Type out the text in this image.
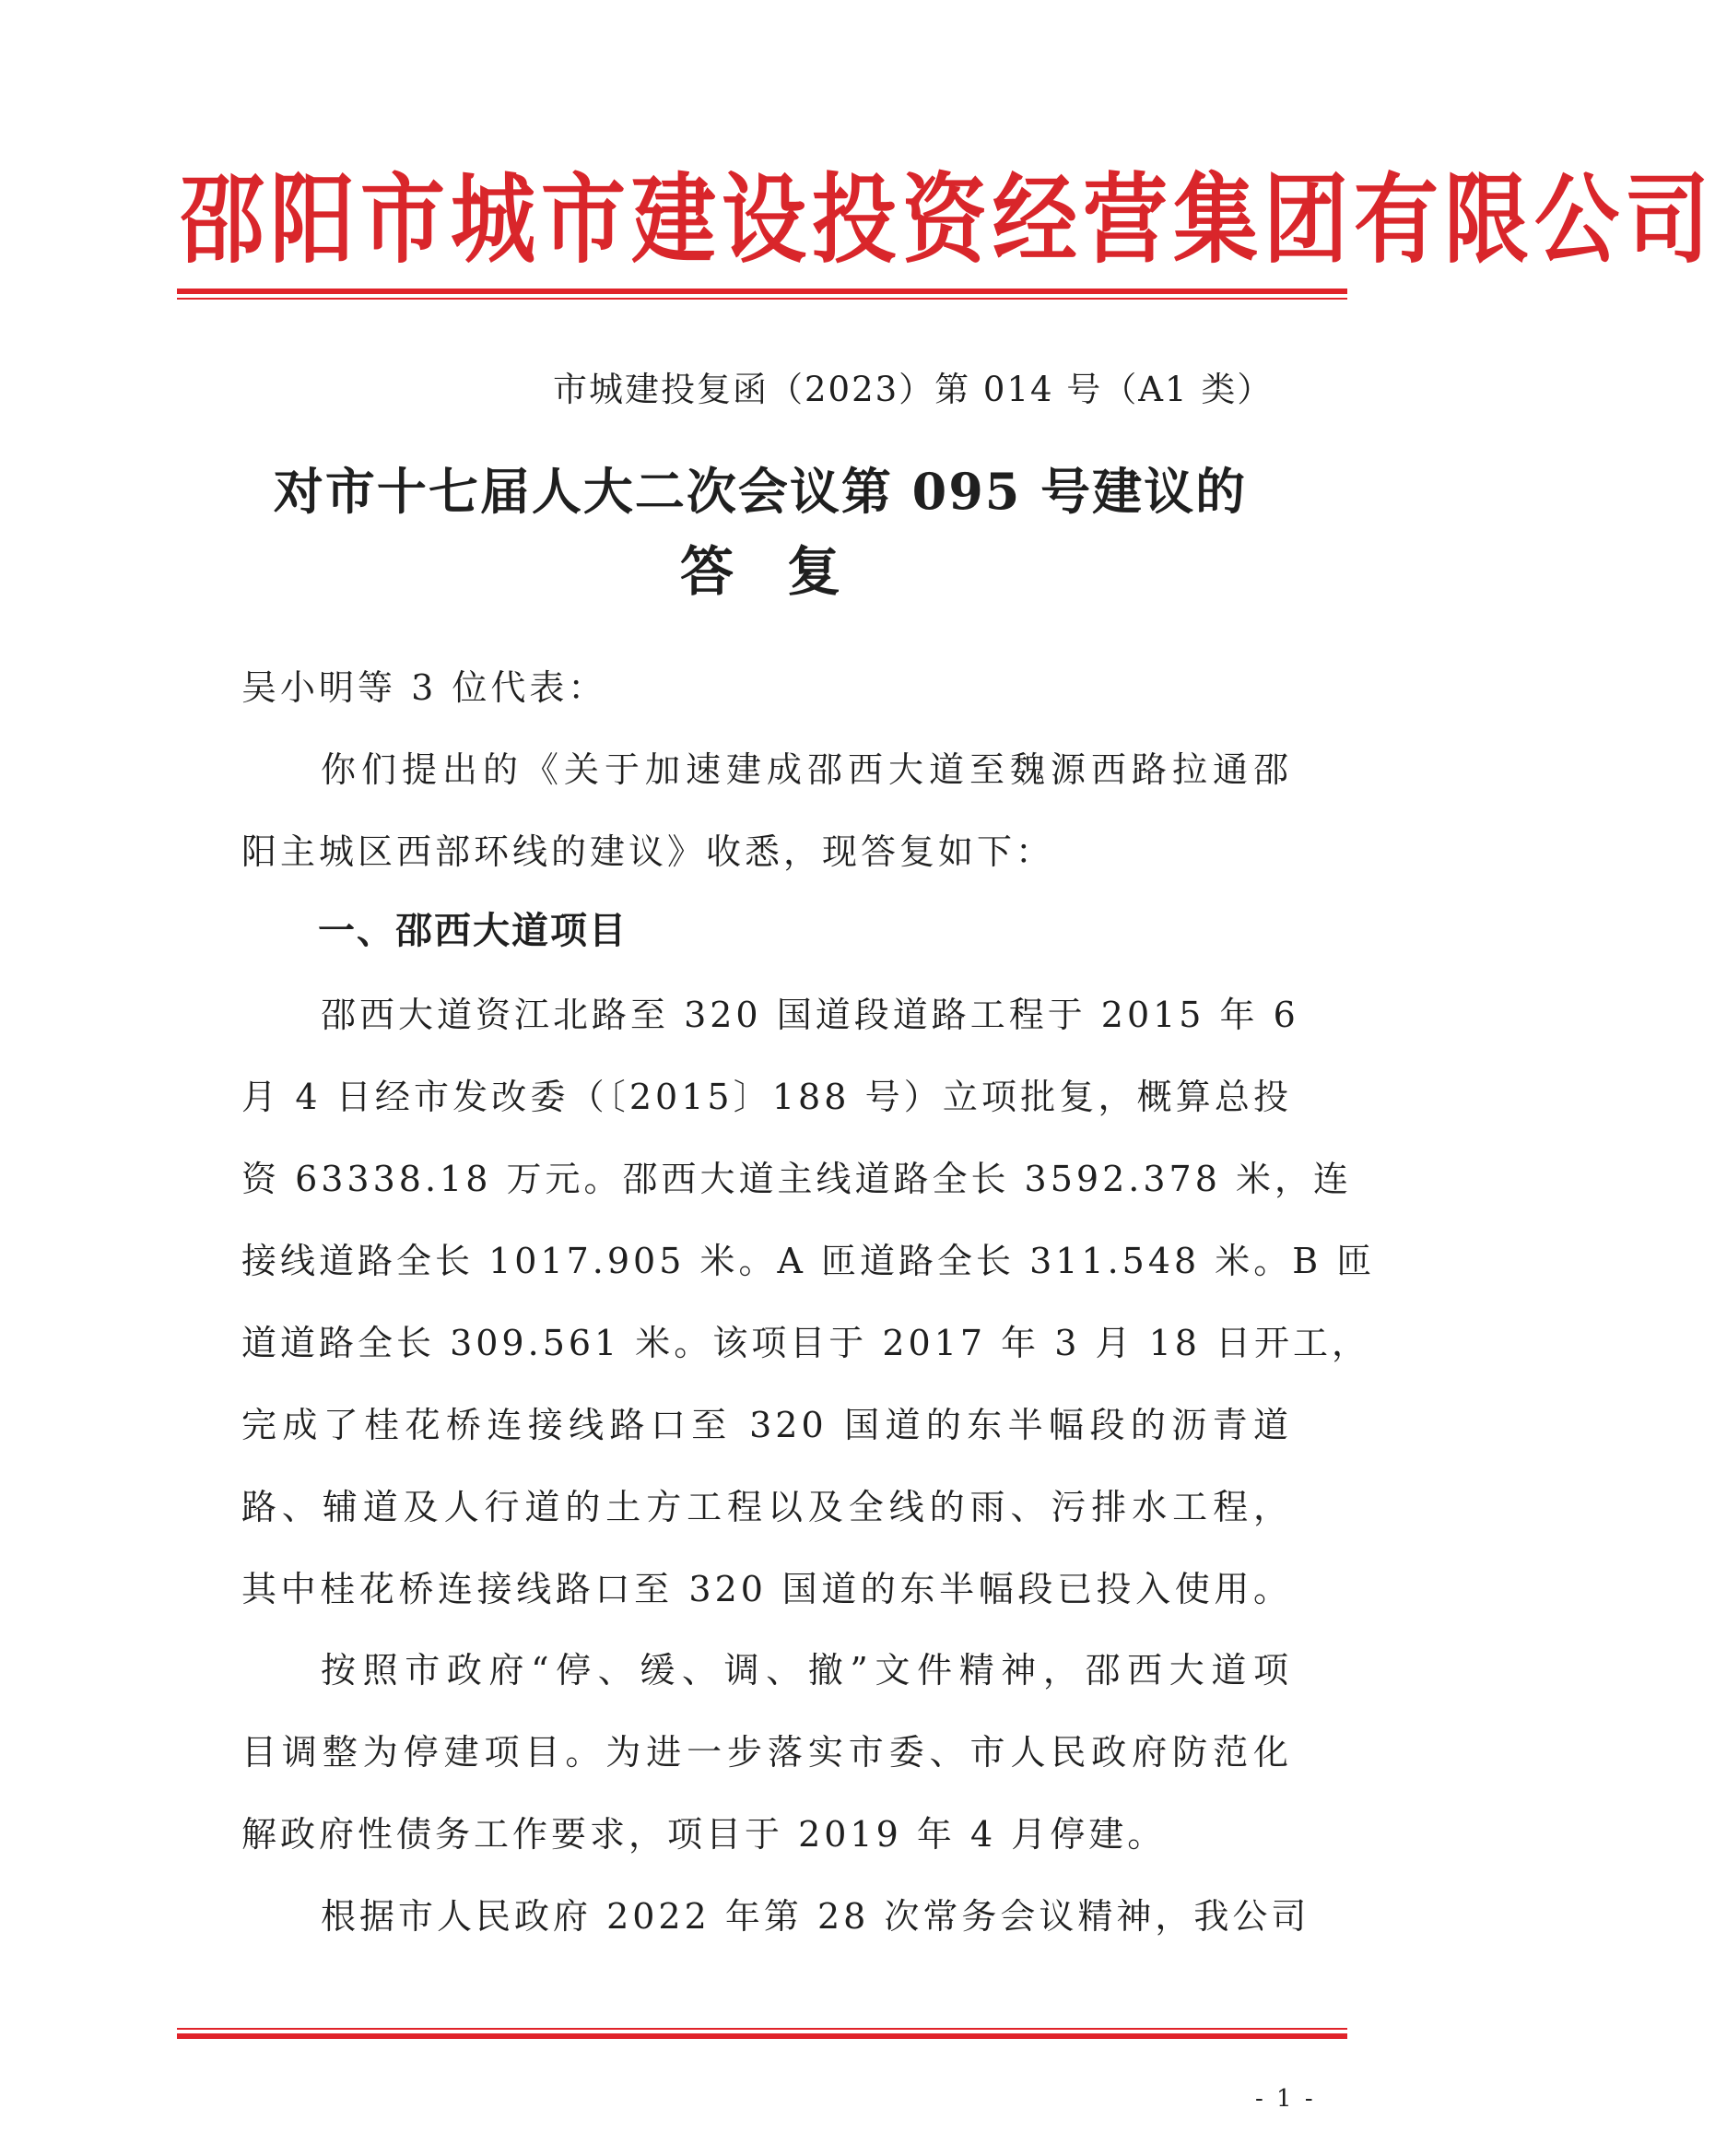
邵阳市城市建设投资经营集团有限公司
市城建投复函（2023）第 014 号（A1 类）
对市十七届人大二次会议第 095 号建议的
答　复
吴小明等 3 位代表：
你们提出的《关于加速建成邵西大道至魏源西路拉通邵
阳主城区西部环线的建议》收悉，现答复如下：
一、邵西大道项目
邵西大道资江北路至 320 国道段道路工程于 2015 年 6
月 4 日经市发改委（〔2015〕188 号）立项批复，概算总投
资 63338.18 万元。邵西大道主线道路全长 3592.378 米，连
接线道路全长 1017.905 米。A 匝道路全长 311.548 米。B 匝
道道路全长 309.561 米。该项目于 2017 年 3 月 18 日开工，
完成了桂花桥连接线路口至 320 国道的东半幅段的沥青道
路、辅道及人行道的土方工程以及全线的雨、污排水工程，
其中桂花桥连接线路口至 320 国道的东半幅段已投入使用。
按照市政府“停、缓、调、撤”文件精神，邵西大道项
目调整为停建项目。为进一步落实市委、市人民政府防范化
解政府性债务工作要求，项目于 2019 年 4 月停建。
根据市人民政府 2022 年第 28 次常务会议精神，我公司
- 1 -
